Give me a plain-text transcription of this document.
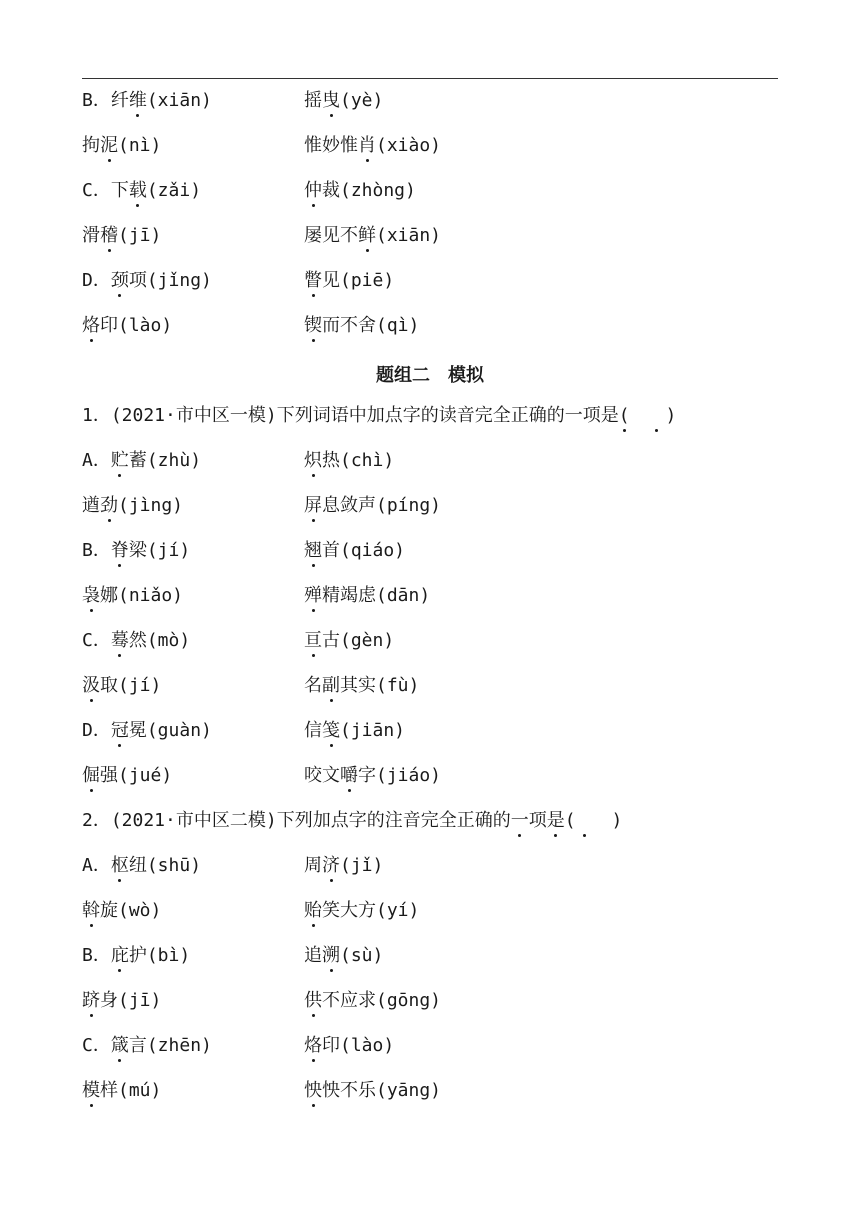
B．纤维(xiān)	摇曳(yè)
拘泥(nì)	惟妙惟肖(xiào)
C．下载(zǎi)	仲裁(zhòng)
滑稽(jī)	屡见不鲜(xiān)
D．颈项(jǐng)	瞥见(piē)
烙印(lào)	锲而不舍(qì)
题组二　模拟
1．(2021·市中区一模)下列词语中加点字的读音完全正确的一项是(　　 )
A．贮蓄(zhù)	炽热(chì)
遒劲(jìng)	屏息敛声(píng)
B．脊梁(jí)	翘首(qiáo)
袅娜(niǎo)	殚精竭虑(dān)
C．蓦然(mò)	亘古(gèn)
汲取(jí)	名副其实(fù)
D．冠冕(guàn)	信笺(jiān)
倔强(jué)	咬文嚼字(jiáo)
2．(2021·市中区二模)下列加点字的注音完全正确的一项是(　　)
A．枢纽(shū)	周济(jǐ)
斡旋(wò)	贻笑大方(yí)
B．庇护(bì)	追溯(sù)
跻身(jī)	供不应求(gōng)
C．箴言(zhēn)	烙印(lào)
模样(mú)	怏怏不乐(yāng)
